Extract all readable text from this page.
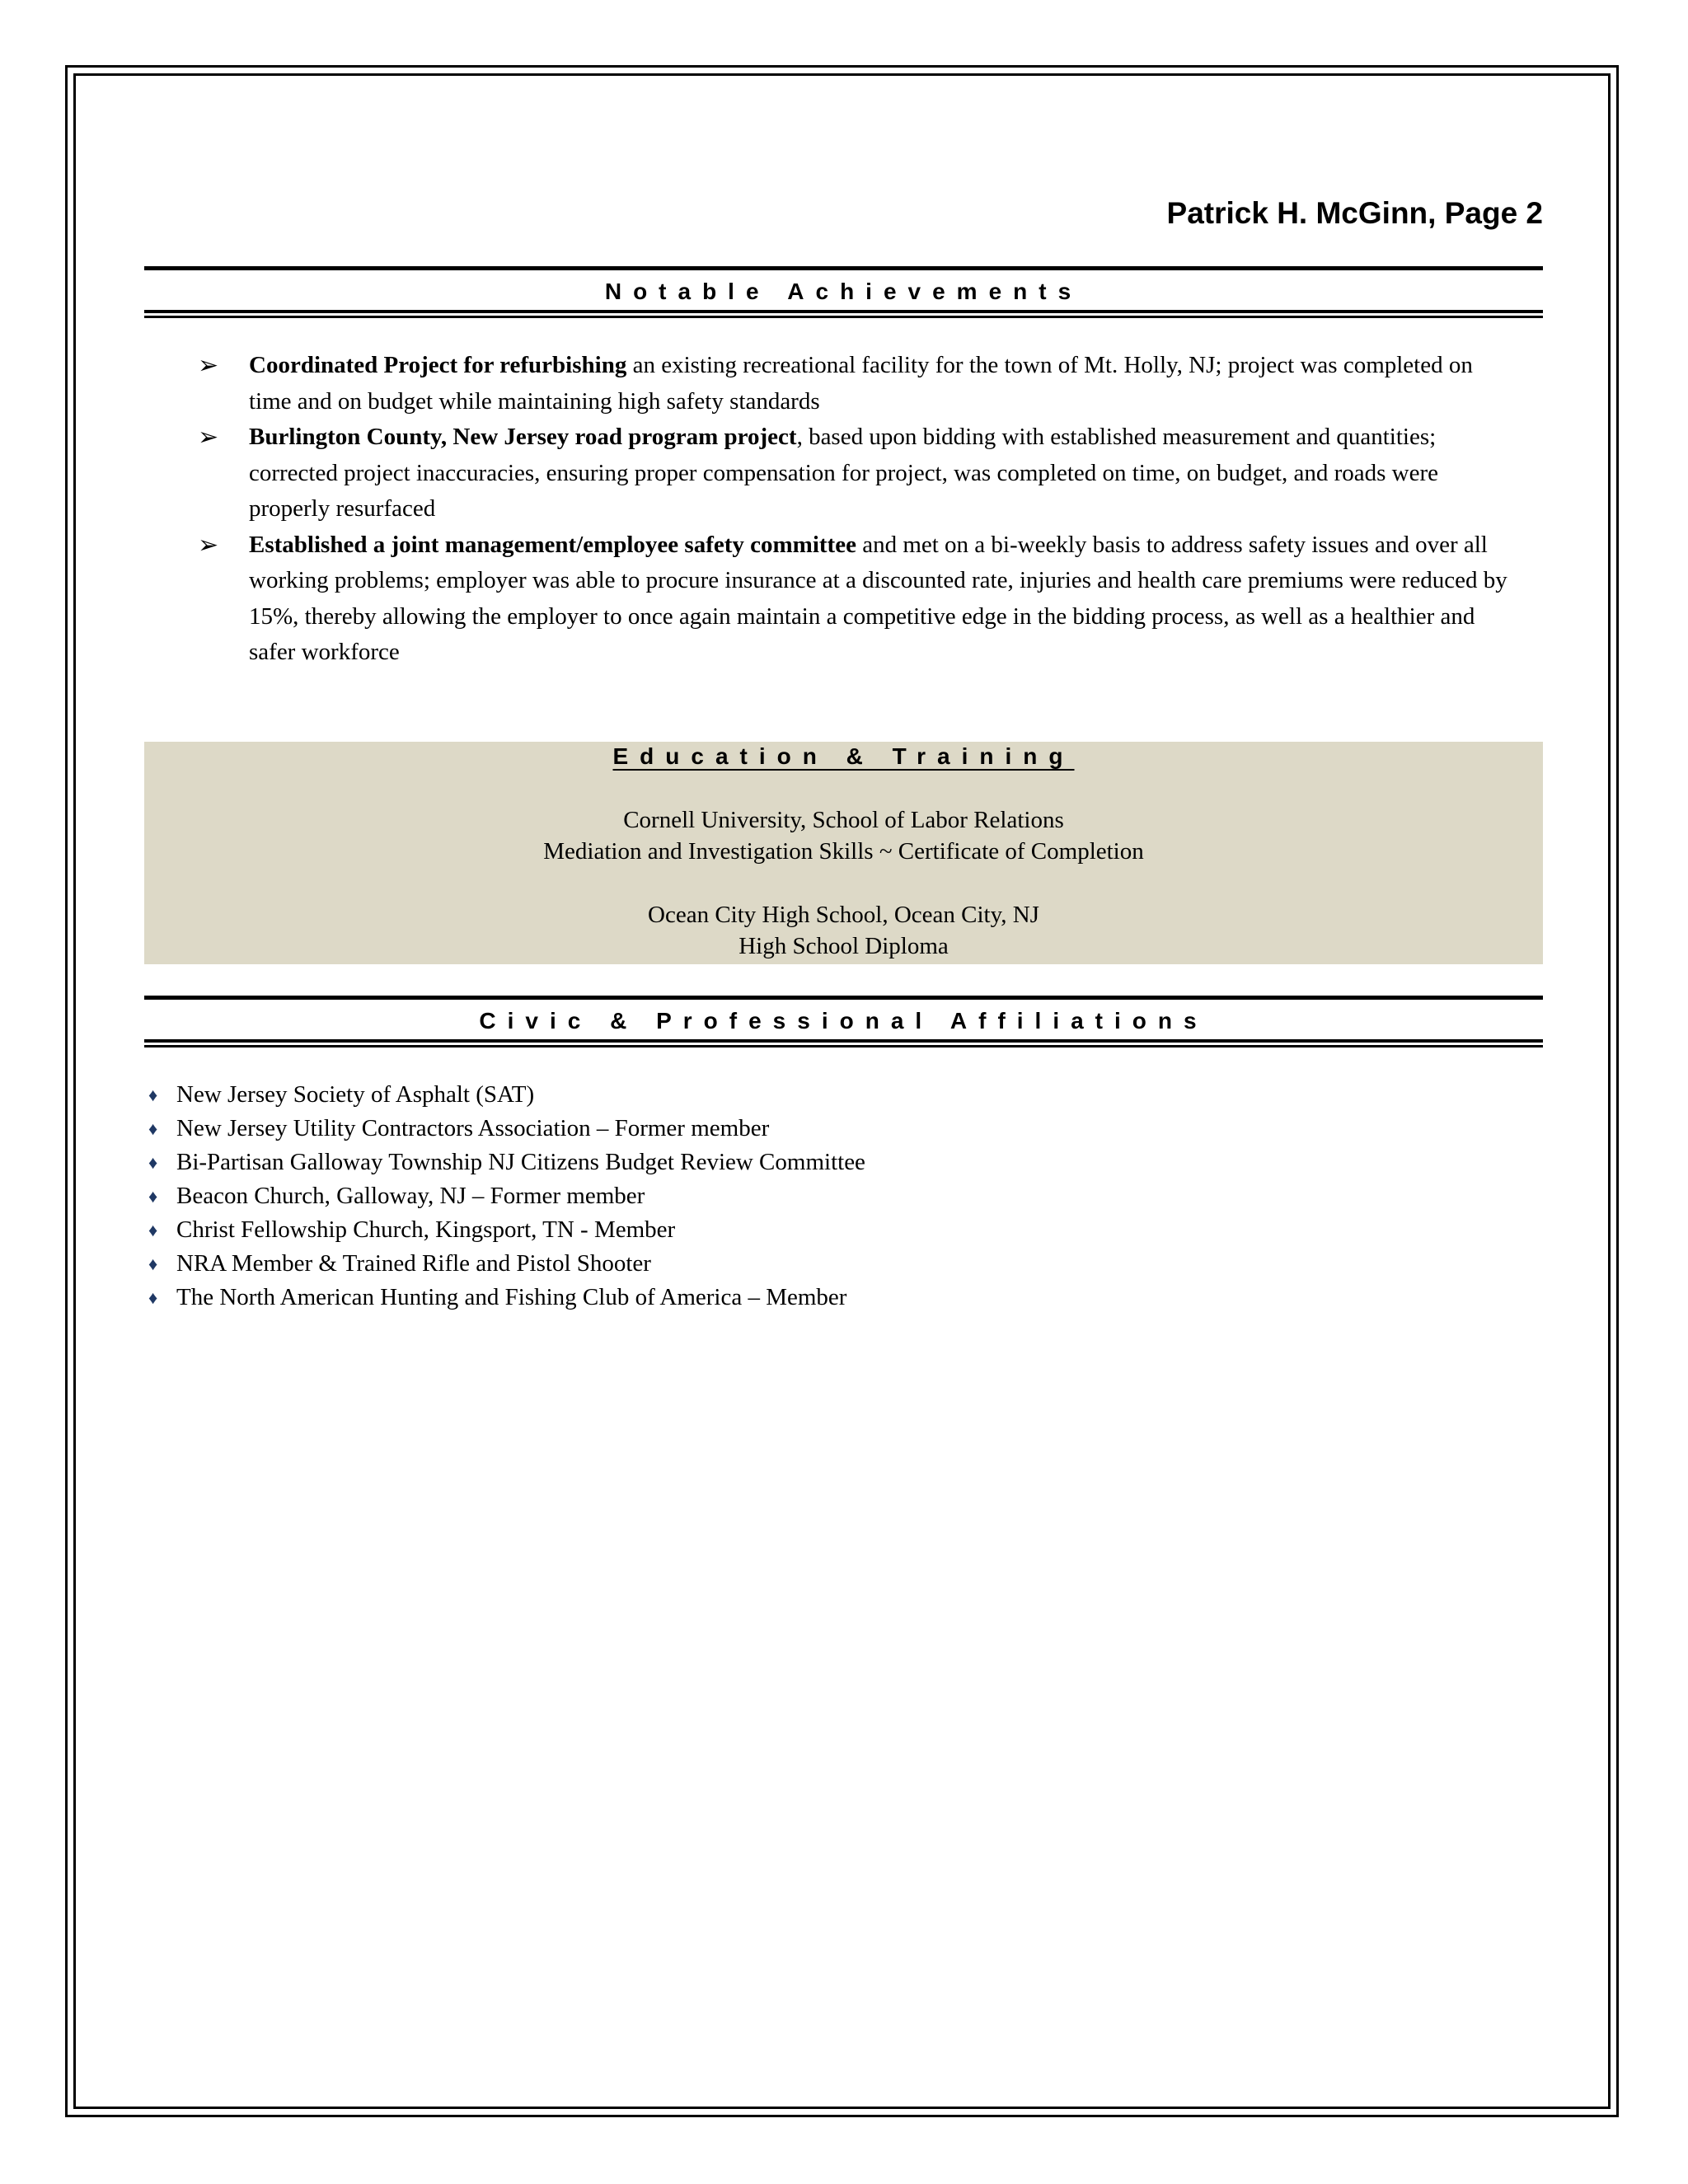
Patrick H. McGinn, Page 2
Notable Achievements
➢ Coordinated Project for refurbishing an existing recreational facility for the town of Mt. Holly, NJ; project was completed on time and on budget while maintaining high safety standards
➢ Burlington County, New Jersey road program project, based upon bidding with established measurement and quantities; corrected project inaccuracies, ensuring proper compensation for project, was completed on time, on budget, and roads were properly resurfaced
➢ Established a joint management/employee safety committee and met on a bi-weekly basis to address safety issues and over all working problems; employer was able to procure insurance at a discounted rate, injuries and health care premiums were reduced by 15%, thereby allowing the employer to once again maintain a competitive edge in the bidding process, as well as a healthier and safer workforce
Education & Training
Cornell University, School of Labor Relations
Mediation and Investigation Skills ~ Certificate of Completion
Ocean City High School, Ocean City, NJ
High School Diploma
Civic & Professional Affiliations
♦ New Jersey Society of Asphalt (SAT)
♦ New Jersey Utility Contractors Association – Former member
♦ Bi-Partisan Galloway Township NJ Citizens Budget Review Committee
♦ Beacon Church, Galloway, NJ – Former member
♦ Christ Fellowship Church, Kingsport, TN - Member
♦ NRA Member & Trained Rifle and Pistol Shooter
♦ The North American Hunting and Fishing Club of America – Member
